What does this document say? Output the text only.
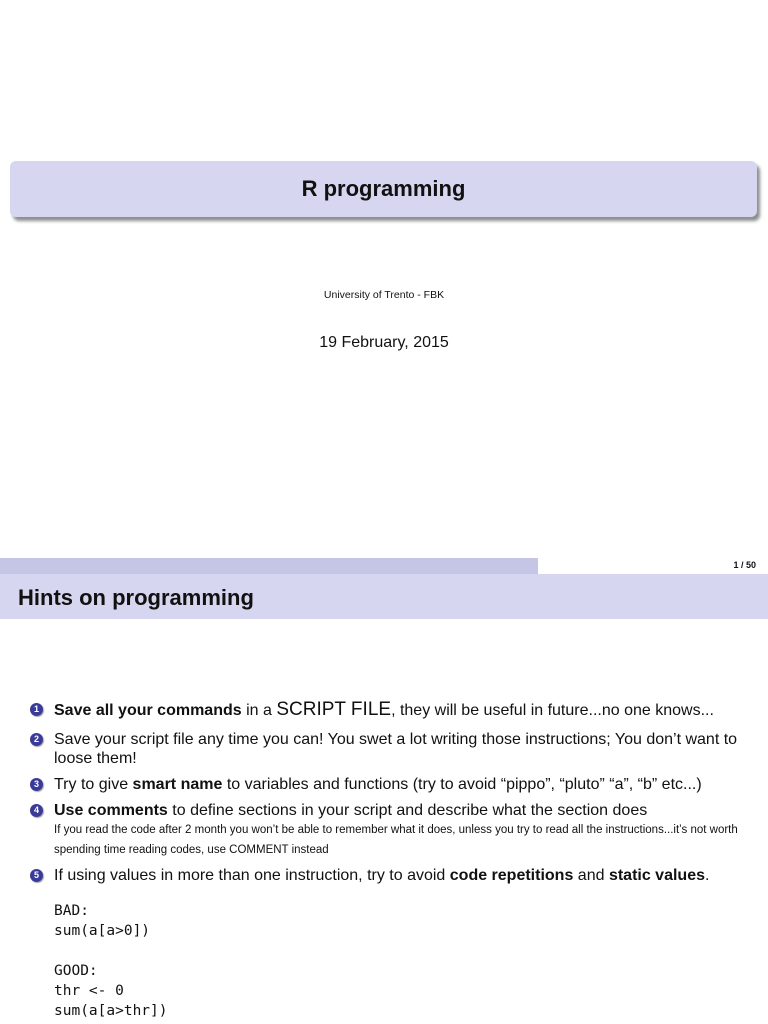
R programming
University of Trento - FBK
19 February, 2015
1 / 50
Hints on programming
1 Save all your commands in a SCRIPT FILE, they will be useful in future...no one knows...
2 Save your script file any time you can! You swet a lot writing those instructions; You don’t want to loose them!
3 Try to give smart name to variables and functions (try to avoid “pippo”, “pluto” “a”, “b” etc...)
4 Use comments to define sections in your script and describe what the section does
If you read the code after 2 month you won’t be able to remember what it does, unless you try to read all the instructions...it’s not worth spending time reading codes, use COMMENT instead
5 If using values in more than one instruction, try to avoid code repetitions and static values.
BAD:
sum(a[a>0])

GOOD:
thr <- 0
sum(a[a>thr])
